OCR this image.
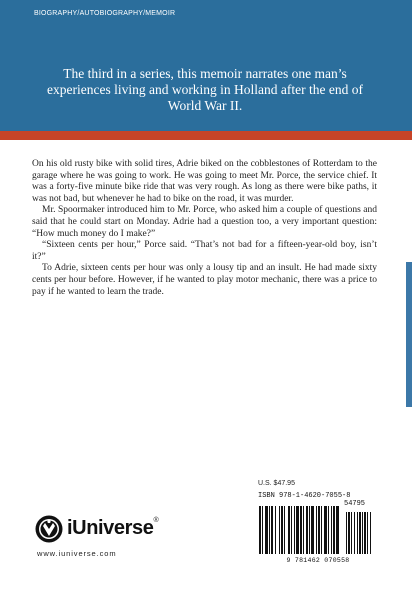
BIOGRAPHY/AUTOBIOGRAPHY/MEMOIR
The third in a series, this memoir narrates one man’s experiences living and working in Holland after the end of World War II.

On his old rusty bike with solid tires, Adrie biked on the cobblestones of Rotterdam to the garage where he was going to work. He was going to meet Mr. Porce, the service chief. It was a forty-five minute bike ride that was very rough. As long as there were bike paths, it was not bad, but whenever he had to bike on the road, it was murder.

Mr. Spoormaker introduced him to Mr. Porce, who asked him a couple of questions and said that he could start on Monday. Adrie had a question too, a very important question: “How much money do I make?”

“Sixteen cents per hour,” Porce said. “That’s not bad for a fifteen-year-old boy, isn’t it?”

To Adrie, sixteen cents per hour was only a lousy tip and an insult. He had made sixty cents per hour before. However, if he wanted to play motor mechanic, there was a price to pay if he wanted to learn the trade.

U.S. $47.95
ISBN 978-1-4620-7055-8
54795
9 781462 070558
iUniverse®
www.iuniverse.com
